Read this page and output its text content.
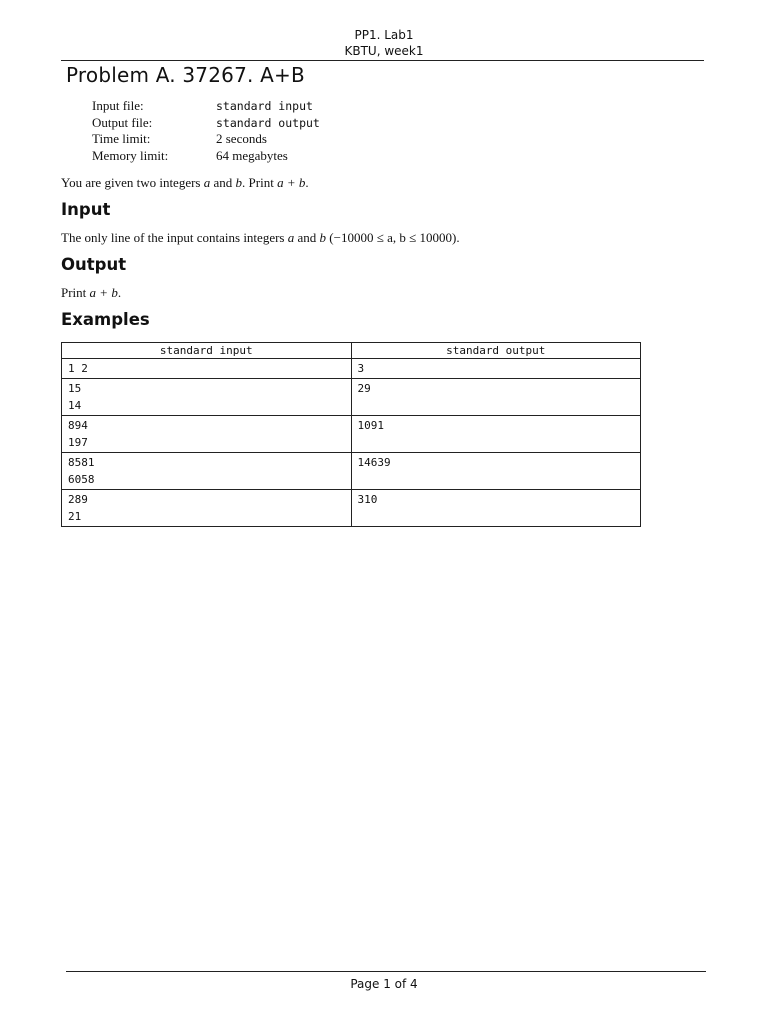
PP1. Lab1
KBTU, week1
Problem A. 37267. A+B
Input file:	standard input
Output file:	standard output
Time limit:	2 seconds
Memory limit:	64 megabytes

You are given two integers a and b. Print a + b.

Input

The only line of the input contains integers a and b (−10000 ≤ a, b ≤ 10000).

Output

Print a + b.

Examples
standard input	standard output

1 2	3

15
14	29

894
197	1091

8581
6058	14639

289
21	310
Page 1 of 4
